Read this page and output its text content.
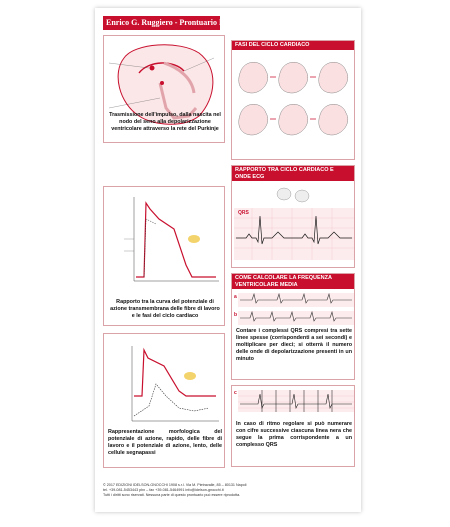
Enrico G. Ruggiero - Prontuario ECG
Trasmissione dell'impulso, dalla nascita nel nodo del seno alla depolarizzazione ventricolare attraverso la rete del Purkinje
Rapporto tra la curva del potenziale di azione transmembrana delle fibre di lavoro e le fasi del ciclo cardiaco
Rappresentazione morfologica del potenziale di azione, rapido, delle fibre di lavoro e il potenziale di azione, lento, delle cellule segnapassi
FASI DEL CICLO CARDIACO
RAPPORTO TRA CICLO CARDIACO E ONDE ECG
QRS
COME CALCOLARE LA FREQUENZA VENTRICOLARE MEDIA
a
b
Contare i complessi QRS compresi tra sette linee spesse (corrispondenti a sei secondi) e moltiplicare per dieci; si otterrà il numero delle onde di depolarizzazione presenti in un minuto
c
In caso di ritmo regolare si può numerare con cifre successive ciascuna linea nera che segue la prima corrispondente a un complesso QRS
© 2017 EDIZIONI IDELSON-GNOCCHI 1908 s.r.l. Via M. Pietravalle, 85 – 80131 Napoli
tel. +39-081-5453443 pbx – fax +39-081-5464991 info@idelson-gnocchi.it
Tutti i diritti sono riservati. Nessuna parte di questo prontuario può essere riprodotta.
